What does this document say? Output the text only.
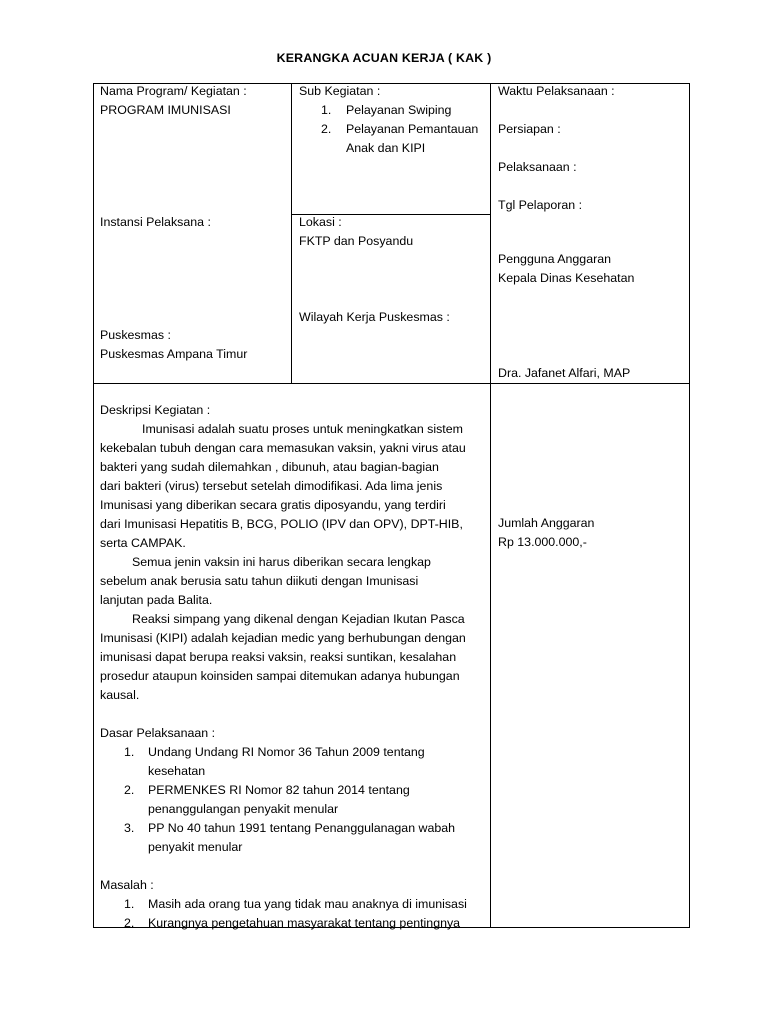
KERANGKA ACUAN KERJA ( KAK )
Nama Program/ Kegiatan :
PROGRAM IMUNISASI
Sub Kegiatan :
1. Pelayanan Swiping
2. Pelayanan Pemantauan
Anak dan KIPI
Waktu Pelaksanaan :
Persiapan :
Pelaksanaan :
Tgl Pelaporan :
Pengguna Anggaran
Kepala Dinas Kesehatan
Dra. Jafanet Alfari, MAP
Instansi Pelaksana :
Puskesmas :
Puskesmas Ampana Timur
Lokasi :
FKTP dan Posyandu
Wilayah Kerja Puskesmas :
Deskripsi Kegiatan :
Imunisasi adalah suatu proses untuk meningkatkan sistem
kekebalan tubuh dengan cara memasukan vaksin, yakni virus atau
bakteri yang sudah dilemahkan , dibunuh, atau bagian-bagian
dari bakteri (virus) tersebut setelah dimodifikasi. Ada lima jenis
Imunisasi yang diberikan secara gratis diposyandu, yang terdiri
dari Imunisasi Hepatitis B, BCG, POLIO (IPV dan OPV), DPT-HIB,
serta CAMPAK.
Semua jenin vaksin ini harus diberikan secara lengkap
sebelum anak berusia satu tahun diikuti dengan Imunisasi
lanjutan pada Balita.
Reaksi simpang yang dikenal dengan Kejadian Ikutan Pasca
Imunisasi (KIPI) adalah kejadian medic yang berhubungan dengan
imunisasi dapat berupa reaksi vaksin, reaksi suntikan, kesalahan
prosedur ataupun koinsiden sampai ditemukan adanya hubungan
kausal.
Dasar Pelaksanaan :
1. Undang Undang RI Nomor 36 Tahun 2009 tentang
kesehatan
2. PERMENKES RI Nomor 82 tahun 2014 tentang
penanggulangan penyakit menular
3. PP No 40 tahun 1991 tentang Penanggulanagan wabah
penyakit menular
Masalah :
1. Masih ada orang tua yang tidak mau anaknya di imunisasi
2. Kurangnya pengetahuan masyarakat tentang pentingnya
Jumlah Anggaran
Rp 13.000.000,-
